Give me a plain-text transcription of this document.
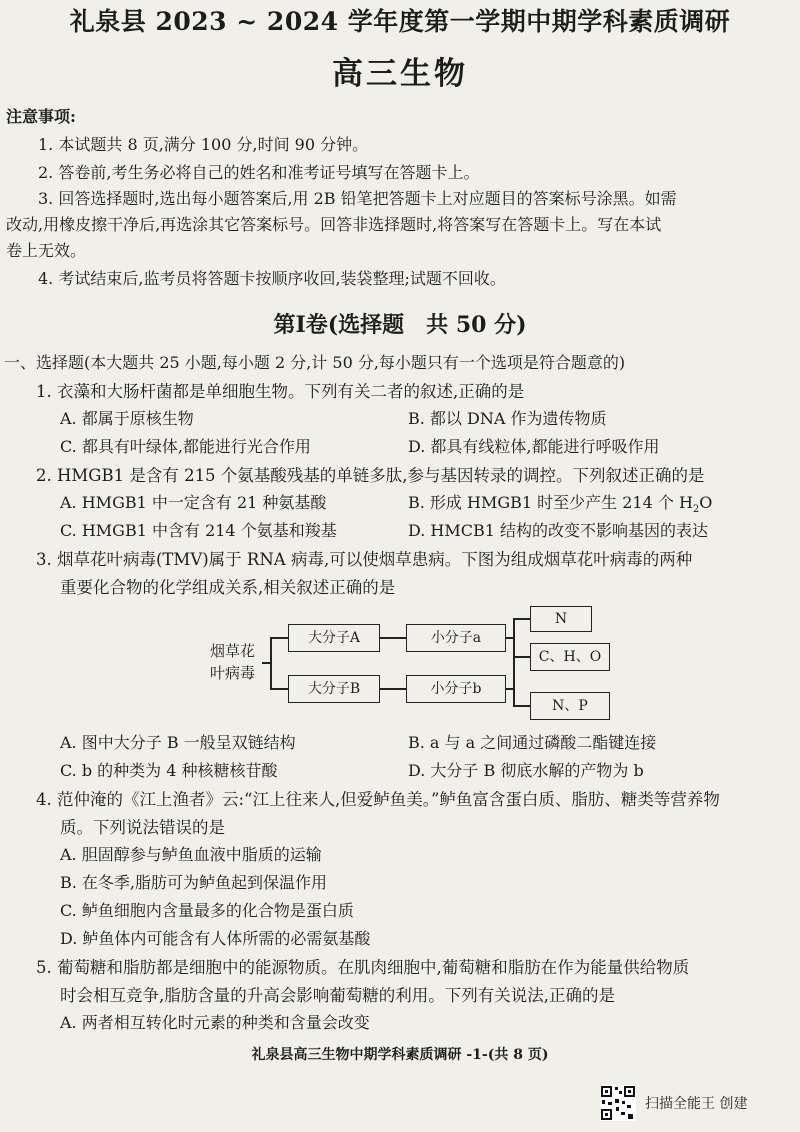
礼泉县 2023 ~ 2024 学年度第一学期中期学科素质调研
高三生物
注意事项:
1. 本试题共 8 页,满分 100 分,时间 90 分钟。
2. 答卷前,考生务必将自己的姓名和准考证号填写在答题卡上。
3. 回答选择题时,选出每小题答案后,用 2B 铅笔把答题卡上对应题目的答案标号涂黑。如需
改动,用橡皮擦干净后,再选涂其它答案标号。回答非选择题时,将答案写在答题卡上。写在本试
卷上无效。
4. 考试结束后,监考员将答题卡按顺序收回,装袋整理;试题不回收。
第Ⅰ卷(选择题　共 50 分)
一、选择题(本大题共 25 小题,每小题 2 分,计 50 分,每小题只有一个选项是符合题意的)
1. 衣藻和大肠杆菌都是单细胞生物。下列有关二者的叙述,正确的是
A. 都属于原核生物	B. 都以 DNA 作为遗传物质
C. 都具有叶绿体,都能进行光合作用	D. 都具有线粒体,都能进行呼吸作用
2. HMGB1 是含有 215 个氨基酸残基的单链多肽,参与基因转录的调控。下列叙述正确的是
A. HMGB1 中一定含有 21 种氨基酸	B. 形成 HMGB1 时至少产生 214 个 $H_2O$
C. HMGB1 中含有 214 个氨基和羧基	D. HMCB1 结构的改变不影响基因的表达
3. 烟草花叶病毒(TMV)属于 RNA 病毒,可以使烟草患病。下图为组成烟草花叶病毒的两种
重要化合物的化学组成关系,相关叙述正确的是
烟草花
叶病毒
大分子A
大分子B
小分子a
小分子b
N
C、H、O
N、P
A. 图中大分子 B 一般呈双链结构	B. a 与 a 之间通过磷酸二酯键连接
C. b 的种类为 4 种核糖核苷酸	D. 大分子 B 彻底水解的产物为 b
4. 范仲淹的《江上渔者》云:“江上往来人,但爱鲈鱼美。”鲈鱼富含蛋白质、脂肪、糖类等营养物
质。下列说法错误的是
A. 胆固醇参与鲈鱼血液中脂质的运输
B. 在冬季,脂肪可为鲈鱼起到保温作用
C. 鲈鱼细胞内含量最多的化合物是蛋白质
D. 鲈鱼体内可能含有人体所需的必需氨基酸
5. 葡萄糖和脂肪都是细胞中的能源物质。在肌肉细胞中,葡萄糖和脂肪在作为能量供给物质
时会相互竞争,脂肪含量的升高会影响葡萄糖的利用。下列有关说法,正确的是
A. 两者相互转化时元素的种类和含量会改变
礼泉县高三生物中期学科素质调研 -1-(共 8 页)
扫描全能王 创建
